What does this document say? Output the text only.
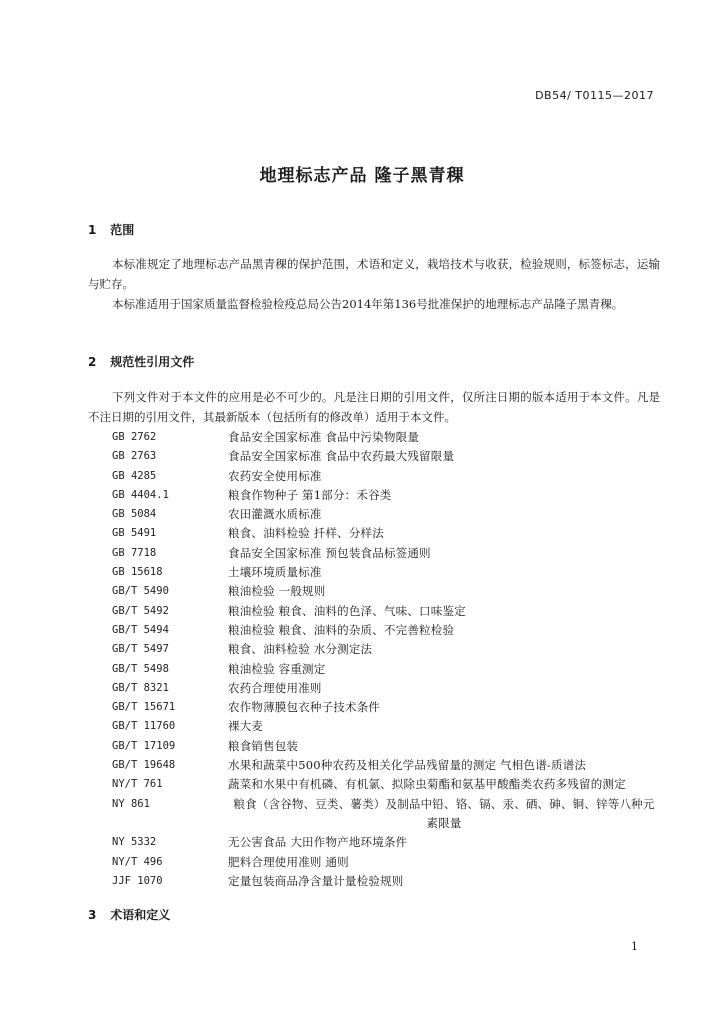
DB54/ T0115—2017
地理标志产品 隆子黑青稞
1 范围

本标准规定了地理标志产品黑青稞的保护范围，术语和定义，栽培技术与收获，检验规则，标签标志，运输与贮存。

本标准适用于国家质量监督检验检疫总局公告2014年第136号批准保护的地理标志产品隆子黑青稞。

2 规范性引用文件

下列文件对于本文件的应用是必不可少的。凡是注日期的引用文件，仅所注日期的版本适用于本文件。凡是不注日期的引用文件，其最新版本（包括所有的修改单）适用于本文件。

GB 2762	食品安全国家标准 食品中污染物限量
GB 2763	食品安全国家标准 食品中农药最大残留限量
GB 4285	农药安全使用标准
GB 4404.1	粮食作物种子 第1部分：禾谷类
GB 5084	农田灌溉水质标准
GB 5491	粮食、油料检验 扦样、分样法
GB 7718	食品安全国家标准 预包装食品标签通则
GB 15618	土壤环境质量标准
GB/T 5490	粮油检验 一般规则
GB/T 5492	粮油检验 粮食、油料的色泽、气味、口味鉴定
GB/T 5494	粮油检验 粮食、油料的杂质、不完善粒检验
GB/T 5497	粮食、油料检验 水分测定法
GB/T 5498	粮油检验 容重测定
GB/T 8321	农药合理使用准则
GB/T 15671	农作物薄膜包衣种子技术条件
GB/T 11760	裸大麦
GB/T 17109	粮食销售包装
GB/T 19648	水果和蔬菜中500种农药及相关化学品残留量的测定 气相色谱-质谱法
NY/T 761	蔬菜和水果中有机磷、有机氯、拟除虫菊酯和氨基甲酸酯类农药多残留的测定
NY 861	粮食（含谷物、豆类、薯类）及制品中铅、铬、镉、汞、硒、砷、铜、锌等八种元素限量
NY 5332	无公害食品 大田作物产地环境条件
NY/T 496	肥料合理使用准则 通则
JJF 1070	定量包装商品净含量计量检验规则
3 术语和定义
1
